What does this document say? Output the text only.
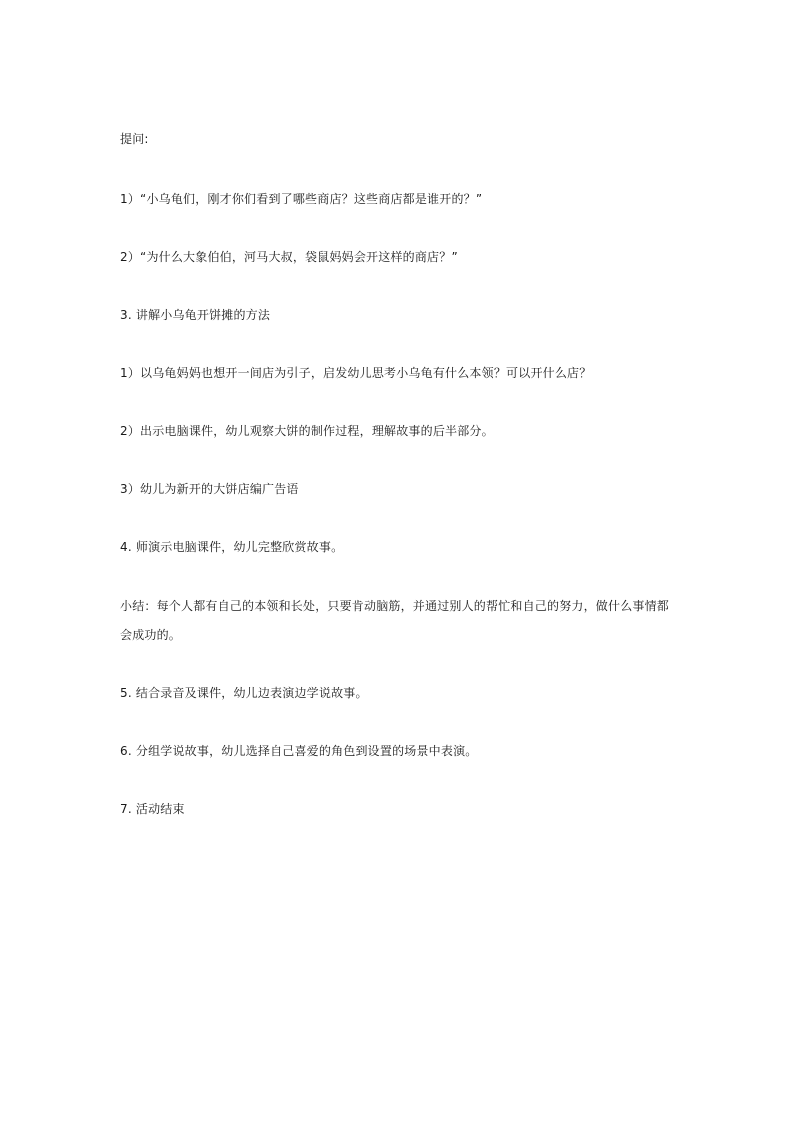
提问:
1）“小乌龟们，刚才你们看到了哪些商店？这些商店都是谁开的？”
2）“为什么大象伯伯，河马大叔，袋鼠妈妈会开这样的商店？”
3. 讲解小乌龟开饼摊的方法
1）以乌龟妈妈也想开一间店为引子，启发幼儿思考小乌龟有什么本领？可以开什么店？
2）出示电脑课件，幼儿观察大饼的制作过程，理解故事的后半部分。
3）幼儿为新开的大饼店编广告语
4. 师演示电脑课件，幼儿完整欣赏故事。
小结：每个人都有自己的本领和长处，只要肯动脑筋，并通过别人的帮忙和自己的努力，做什么事情都会成功的。
5. 结合录音及课件，幼儿边表演边学说故事。
6. 分组学说故事，幼儿选择自己喜爱的角色到设置的场景中表演。
7. 活动结束
